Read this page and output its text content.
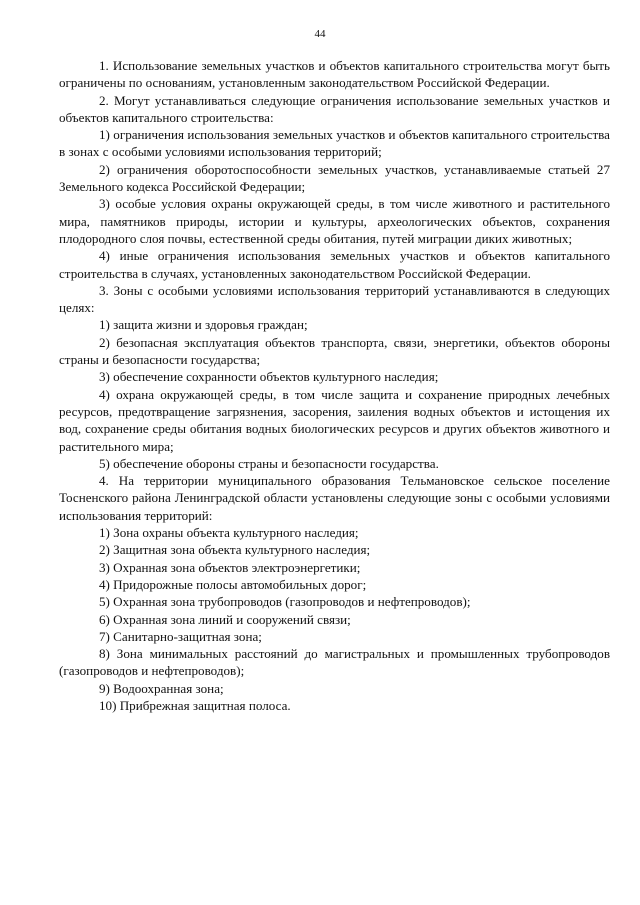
44

1. Использование земельных участков и объектов капитального строительства могут быть ограничены по основаниям, установленным законодательством Российской Федерации.

2. Могут устанавливаться следующие ограничения использование земельных участков и объектов капитального строительства:

1) ограничения использования земельных участков и объектов капитального строительства в зонах с особыми условиями использования территорий;

2) ограничения оборотоспособности земельных участков, устанавливаемые статьей 27 Земельного кодекса Российской Федерации;

3) особые условия охраны окружающей среды, в том числе животного и растительного мира, памятников природы, истории и культуры, археологических объектов, сохранения плодородного слоя почвы, естественной среды обитания, путей миграции диких животных;

4) иные ограничения использования земельных участков и объектов капитального строительства в случаях, установленных законодательством Российской Федерации.

3. Зоны с особыми условиями использования территорий устанавливаются в следующих целях:

1) защита жизни и здоровья граждан;

2) безопасная эксплуатация объектов транспорта, связи, энергетики, объектов обороны страны и безопасности государства;

3) обеспечение сохранности объектов культурного наследия;

4) охрана окружающей среды, в том числе защита и сохранение природных лечебных ресурсов, предотвращение загрязнения, засорения, заиления водных объектов и истощения их вод, сохранение среды обитания водных биологических ресурсов и других объектов животного и растительного мира;

5) обеспечение обороны страны и безопасности государства.

4. На территории муниципального образования Тельмановское сельское поселение Тосненского района Ленинградской области установлены следующие зоны с особыми условиями использования территорий:

1) Зона охраны объекта культурного наследия;

2) Защитная зона объекта культурного наследия;

3) Охранная зона объектов электроэнергетики;

4) Придорожные полосы автомобильных дорог;

5) Охранная зона трубопроводов (газопроводов и нефтепроводов);

6) Охранная зона линий и сооружений связи;

7) Санитарно-защитная зона;

8) Зона минимальных расстояний до магистральных и промышленных трубопроводов (газопроводов и нефтепроводов);

9) Водоохранная зона;

10) Прибрежная защитная полоса.
